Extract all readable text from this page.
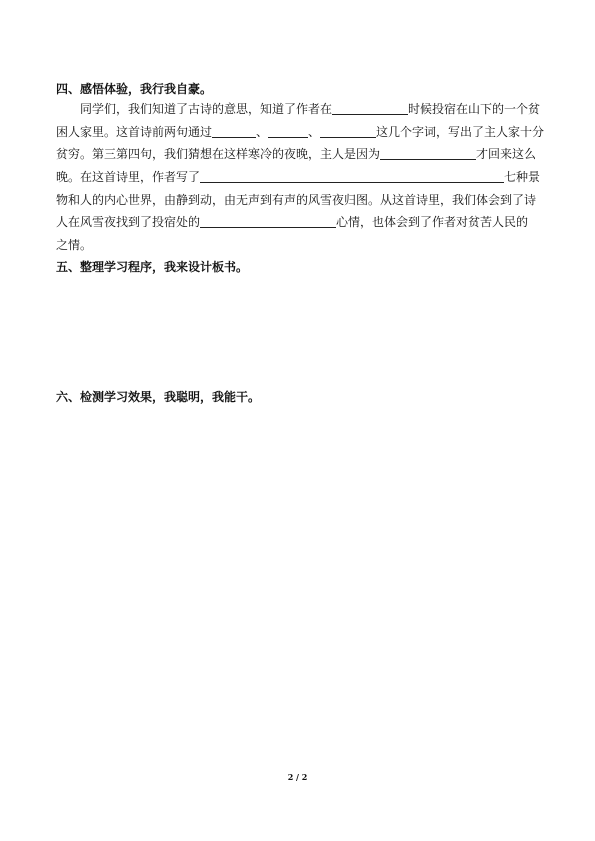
四、感悟体验，我行我自豪。
　　同学们，我们知道了古诗的意思，知道了作者在	时候投宿在山下的一个贫
困人家里。这首诗前两句通过	、	、	这几个字词，写出了主人家十分
贫穷。第三第四句，我们猜想在这样寒冷的夜晚，主人是因为	才回来这么
晚。在这首诗里，作者写了	七种景
物和人的内心世界，由静到动，由无声到有声的风雪夜归图。从这首诗里，我们体会到了诗
人在风雪夜找到了投宿处的	心情，也体会到了作者对贫苦人民的
之情。
五、整理学习程序，我来设计板书。
六、检测学习效果，我聪明，我能干。
2 / 2
